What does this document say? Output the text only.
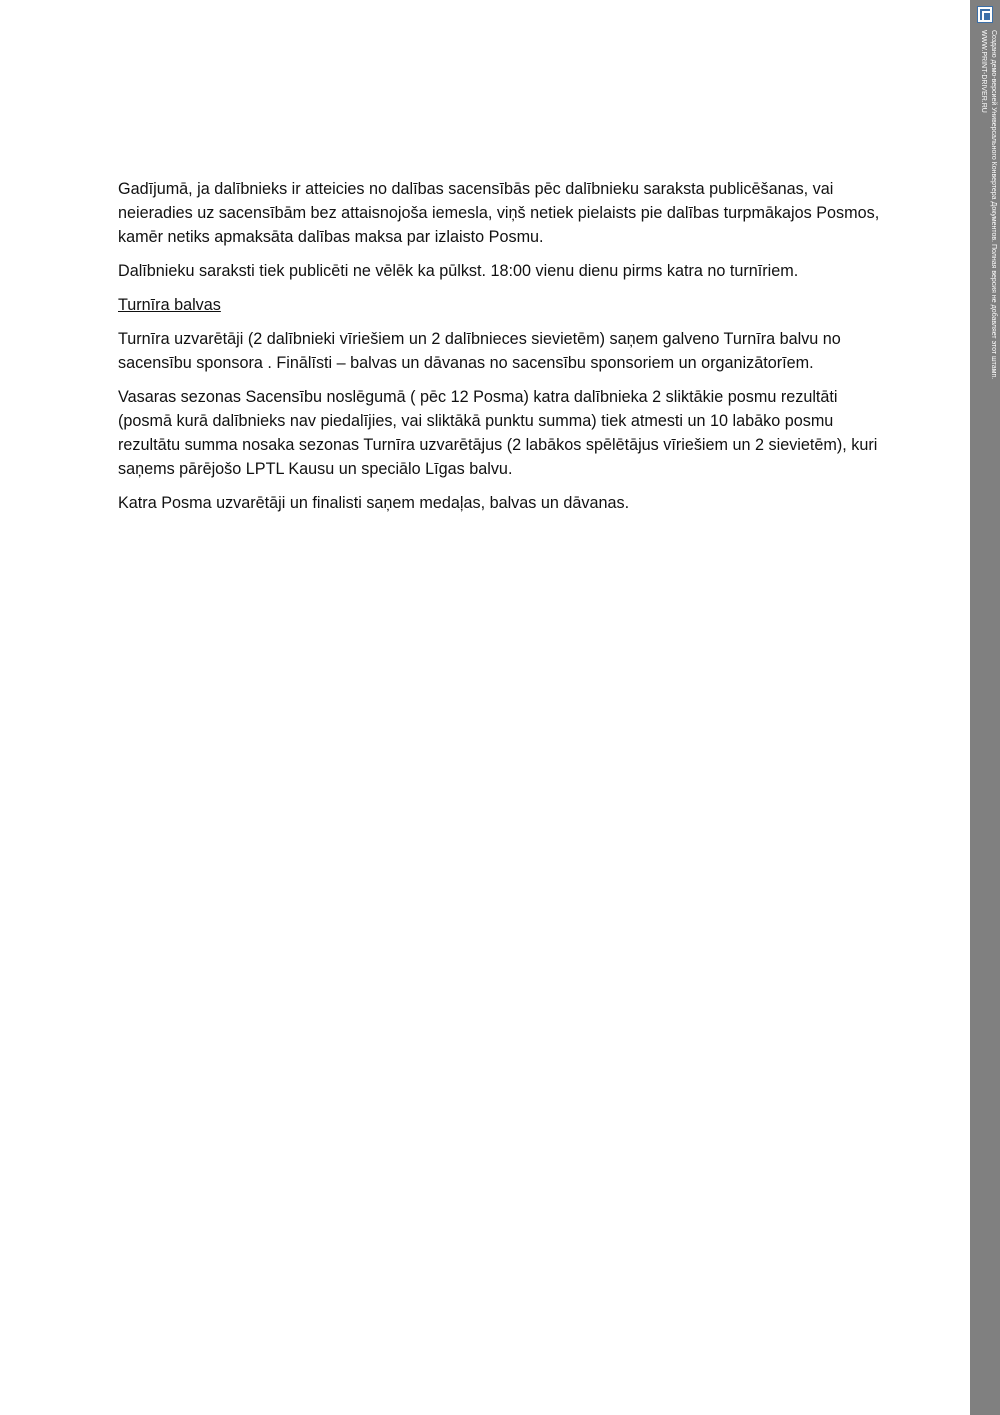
Gadījumā, ja dalībnieks ir atteicies no dalības sacensībās pēc dalībnieku saraksta publicēšanas, vai neieradies uz sacensībām bez attaisnojoša iemesla, viņš netiek pielaists pie dalības turpmākajos Posmos, kamēr netiks apmaksāta dalības maksa par izlaisto Posmu.

Dalībnieku saraksti tiek publicēti ne vēlēk ka pūlkst. 18:00 vienu dienu pirms katra no turnīriem.

Turnīra balvas

Turnīra uzvarētāji (2 dalībnieki vīriešiem un 2 dalībnieces sievietēm) saņem galveno Turnīra balvu no sacensību sponsora . Finālīsti – balvas un dāvanas no sacensību sponsoriem un organizātorīem.

Vasaras sezonas Sacensību noslēgumā ( pēc 12 Posma) katra dalībnieka 2 sliktākie posmu rezultāti (posmā kurā dalībnieks nav piedalījies, vai sliktākā punktu summa) tiek atmesti un 10 labāko posmu rezultātu summa nosaka sezonas Turnīra uzvarētājus (2 labākos spēlētājus vīriešiem un 2 sievietēm), kuri saņems pārējošo LPTL Kausu un speciālo Līgas balvu.

Katra Posma uzvarētāji un finalisti saņem medaļas, balvas un dāvanas.

Создано демо-версией Универсального Конвертера Документов. Полная версия не добавляет этот штамп.
WWW.PRINT-DRIVER.RU
